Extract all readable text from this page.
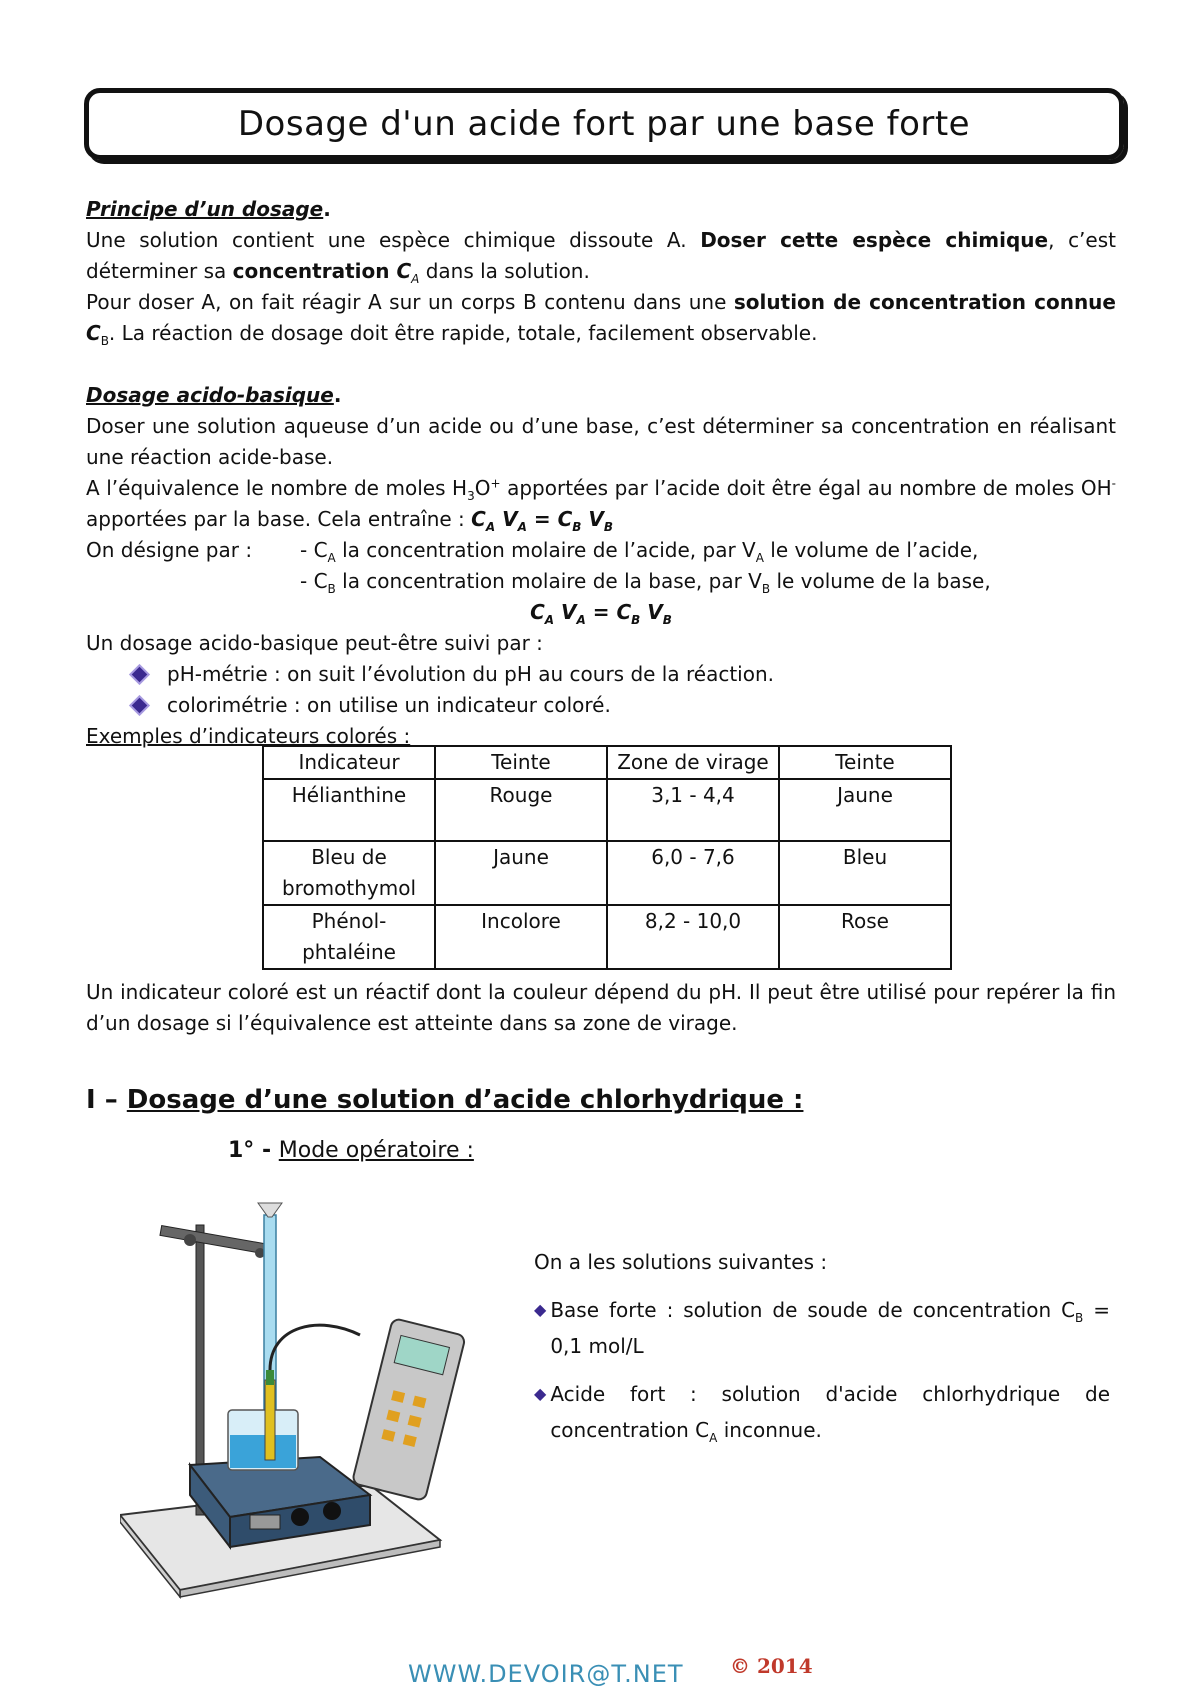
Dosage d'un acide fort par une base forte
Principe d’un dosage.
Une solution contient une espèce chimique dissoute A. Doser cette espèce chimique, c’est déterminer sa concentration $C_A$ dans la solution.
Pour doser A, on fait réagir A sur un corps B contenu dans une solution de concentration connue $C_B$. La réaction de dosage doit être rapide, totale, facilement observable.
Dosage acido-basique.
Doser une solution aqueuse d’un acide ou d’une base, c’est déterminer sa concentration en réalisant une réaction acide-base.
A l’équivalence le nombre de moles $H_3O^+$ apportées par l’acide doit être égal au nombre de moles OH- apportées par la base. Cela entraîne : $C_A$ $V_A = C_B$ $V_B$
On désigne par :	- $C_A$ la concentration molaire de l’acide, par $V_A$ le volume de l’acide,
- $C_B$ la concentration molaire de la base, par $V_B$ le volume de la base,
$C_A$ $V_A = C_B$ $V_B$
Un dosage acido-basique peut-être suivi par :
pH-métrie : on suit l’évolution du pH au cours de la réaction.
colorimétrie : on utilise un indicateur coloré.
Exemples d’indicateurs colorés :
Indicateur	Teinte	Zone de virage	Teinte
Hélianthine	Rouge	3,1 - 4,4	Jaune
Bleu de bromothymol	Jaune	6,0 - 7,6	Bleu
Phénol-phtaléine	Incolore	8,2 - 10,0	Rose
Un indicateur coloré est un réactif dont la couleur dépend du pH. Il peut être utilisé pour repérer la fin d’un dosage si l’équivalence est atteinte dans sa zone de virage.
I – Dosage d’une solution d’acide chlorhydrique :
1° - Mode opératoire :
On a les solutions suivantes :
◆ Base forte : solution de soude de concentration $C_B = 0,1$ mol/L
◆ Acide fort : solution d'acide chlorhydrique de concentration $C_A$ inconnue.
WWW.DEVOIR@T.NET © 2014
